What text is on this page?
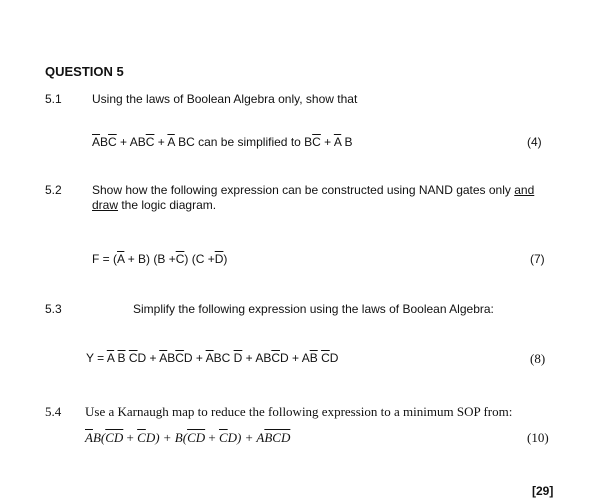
QUESTION 5
5.1	Using the laws of Boolean Algebra only, show that
$\overline{A}B\overline{C} + AB\overline{C} + \overline{A}$ BC can be simplified to $B\overline{C} + \overline{A}$ B	(4)
5.2	Show how the following expression can be constructed using NAND gates only and
draw the logic diagram.
$F = (\overline{A} + B)$ $(B +\overline{C})$ $(C +\overline{D})$	(7)
5.3	Simplify the following expression using the laws of Boolean Algebra:
$Y = \overline{A}$ $\overline{B}$ $\overline{C}D + \overline{A}B\overline{C}D + \overline{A}BC$ $\overline{D} + AB\overline{C}D + A\overline{B}$ $\overline{C}D$	(8)
5.4 Use a Karnaugh map to reduce the following expression to a minimum SOP from:
$\overline{A}B(\overline{CD} + \overline{C}D) + B(\overline{CD} + \overline{C}D) + A\overline{BCD}$	(10)
[29]
